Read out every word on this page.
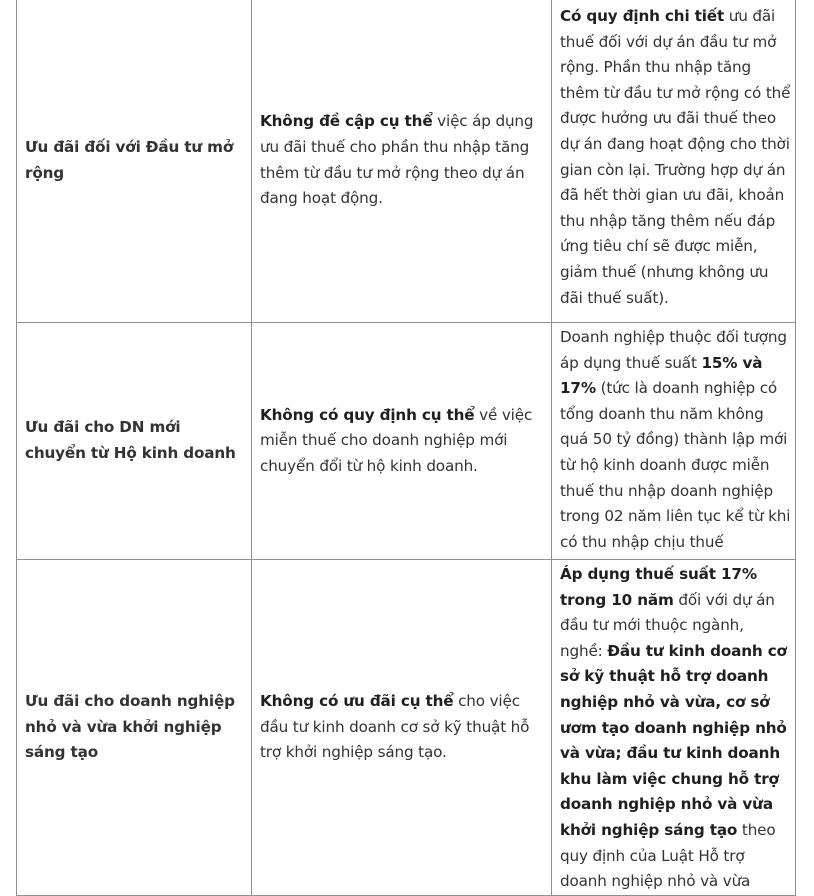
Ưu đãi đối với Đầu tư mở rộng	Không đề cập cụ thể việc áp dụng ưu đãi thuế cho phần thu nhập tăng thêm từ đầu tư mở rộng theo dự án đang hoạt động.	Có quy định chi tiết ưu đãi thuế đối với dự án đầu tư mở rộng. Phần thu nhập tăng thêm từ đầu tư mở rộng có thể được hưởng ưu đãi thuế theo dự án đang hoạt động cho thời gian còn lại. Trường hợp dự án đã hết thời gian ưu đãi, khoản thu nhập tăng thêm nếu đáp ứng tiêu chí sẽ được miễn, giảm thuế (nhưng không ưu đãi thuế suất).
Ưu đãi cho DN mới chuyển từ Hộ kinh doanh	Không có quy định cụ thể về việc miễn thuế cho doanh nghiệp mới chuyển đổi từ hộ kinh doanh.	Doanh nghiệp thuộc đối tượng áp dụng thuế suất 15% và 17% (tức là doanh nghiệp có tổng doanh thu năm không quá 50 tỷ đồng) thành lập mới từ hộ kinh doanh được miễn thuế thu nhập doanh nghiệp trong 02 năm liên tục kể từ khi có thu nhập chịu thuế
Ưu đãi cho doanh nghiệp nhỏ và vừa khởi nghiệp sáng tạo	Không có ưu đãi cụ thể cho việc đầu tư kinh doanh cơ sở kỹ thuật hỗ trợ khởi nghiệp sáng tạo.	Áp dụng thuế suất 17% trong 10 năm đối với dự án đầu tư mới thuộc ngành, nghề: Đầu tư kinh doanh cơ sở kỹ thuật hỗ trợ doanh nghiệp nhỏ và vừa, cơ sở ươm tạo doanh nghiệp nhỏ và vừa; đầu tư kinh doanh khu làm việc chung hỗ trợ doanh nghiệp nhỏ và vừa khởi nghiệp sáng tạo theo quy định của Luật Hỗ trợ doanh nghiệp nhỏ và vừa
